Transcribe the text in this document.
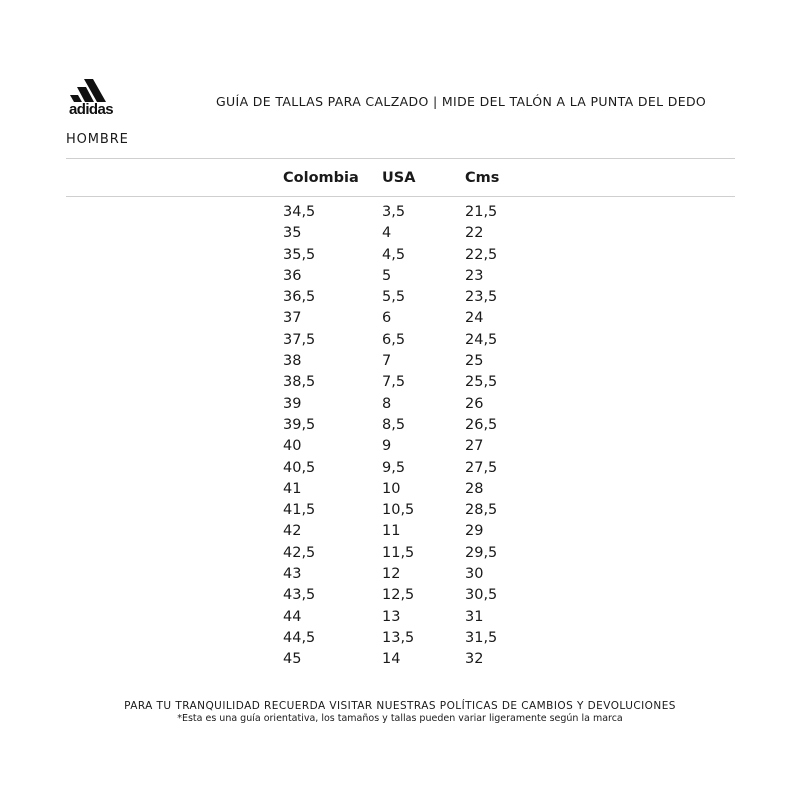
adidas	GUÍA DE TALLAS PARA CALZADO | MIDE DEL TALÓN A LA PUNTA DEL DEDO
HOMBRE
Colombia	USA	Cms
34,5	3,5	21,5
35	4	22
35,5	4,5	22,5
36	5	23
36,5	5,5	23,5
37	6	24
37,5	6,5	24,5
38	7	25
38,5	7,5	25,5
39	8	26
39,5	8,5	26,5
40	9	27
40,5	9,5	27,5
41	10	28
41,5	10,5	28,5
42	11	29
42,5	11,5	29,5
43	12	30
43,5	12,5	30,5
44	13	31
44,5	13,5	31,5
45	14	32
PARA TU TRANQUILIDAD RECUERDA VISITAR NUESTRAS POLÍTICAS DE CAMBIOS Y DEVOLUCIONES
*Esta es una guía orientativa, los tamaños y tallas pueden variar ligeramente según la marca
